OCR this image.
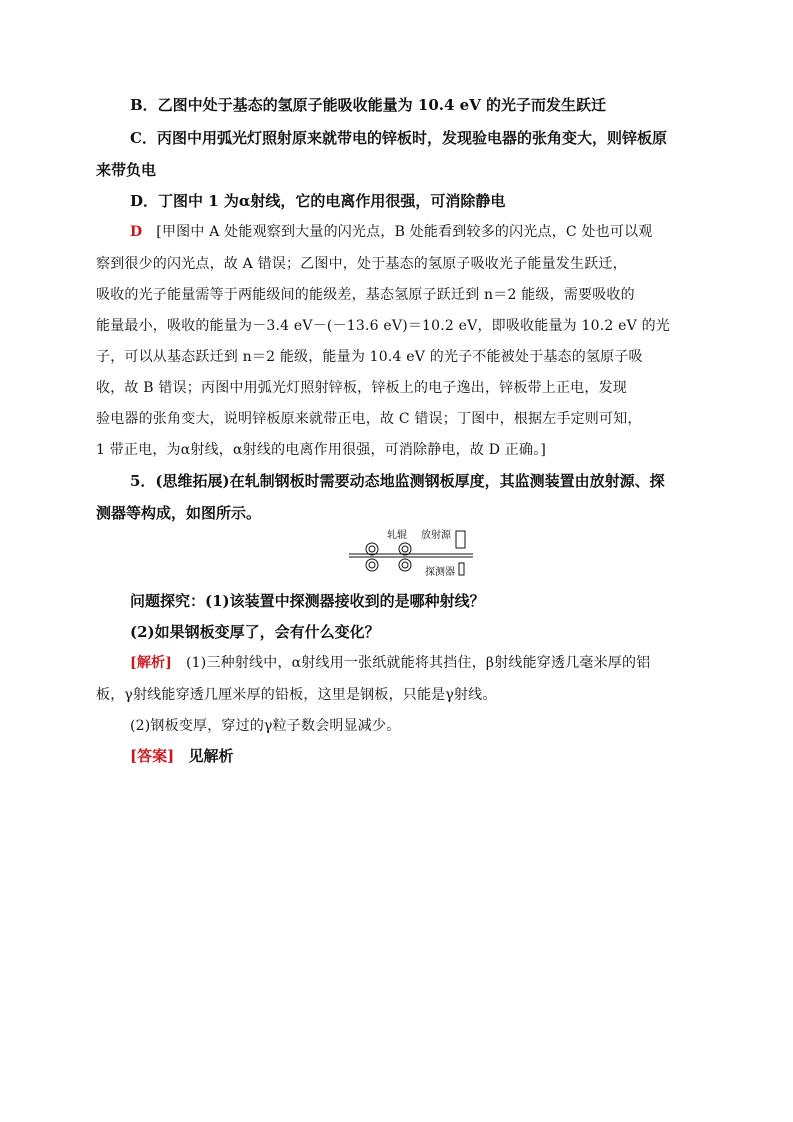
B．乙图中处于基态的氢原子能吸收能量为 10.4 eV 的光子而发生跃迁
C．丙图中用弧光灯照射原来就带电的锌板时，发现验电器的张角变大，则锌板原
来带负电
D．丁图中 1 为α射线，它的电离作用很强，可消除静电
D [甲图中 A 处能观察到大量的闪光点，B 处能看到较多的闪光点，C 处也可以观
察到很少的闪光点，故 A 错误；乙图中，处于基态的氢原子吸收光子能量发生跃迁，
吸收的光子能量需等于两能级间的能级差，基态氢原子跃迁到 n＝2 能级，需要吸收的
能量最小，吸收的能量为－3.4 eV－(－13.6 eV)＝10.2 eV，即吸收能量为 10.2 eV 的光
子，可以从基态跃迁到 n＝2 能级，能量为 10.4 eV 的光子不能被处于基态的氢原子吸
收，故 B 错误；丙图中用弧光灯照射锌板，锌板上的电子逸出，锌板带上正电，发现
验电器的张角变大，说明锌板原来就带正电，故 C 错误；丁图中，根据左手定则可知，
1 带正电，为α射线，α射线的电离作用很强，可消除静电，故 D 正确。]
5．(思维拓展)在轧制钢板时需要动态地监测钢板厚度，其监测装置由放射源、探
测器等构成，如图所示。
轧辊 放射源
探测器
问题探究：(1)该装置中探测器接收到的是哪种射线？
(2)如果钢板变厚了，会有什么变化？
[解析] (1)三种射线中，α射线用一张纸就能将其挡住，β射线能穿透几毫米厚的铝
板，γ射线能穿透几厘米厚的铅板，这里是钢板，只能是γ射线。
(2)钢板变厚，穿过的γ粒子数会明显减少。
[答案] 见解析
